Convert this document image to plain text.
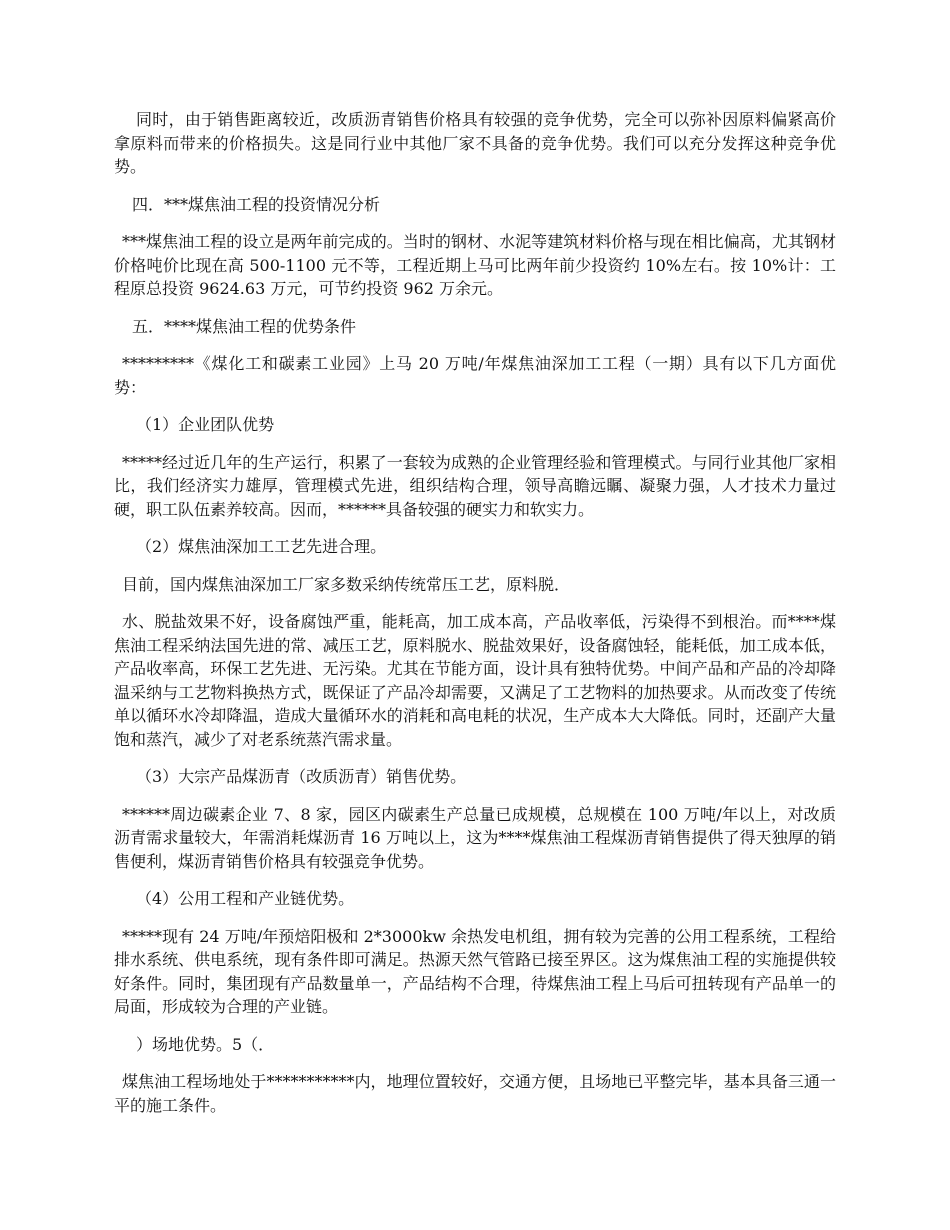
同时，由于销售距离较近，改质沥青销售价格具有较强的竞争优势，完全可以弥补因原料偏紧高价拿原料而带来的价格损失。这是同行业中其他厂家不具备的竞争优势。我们可以充分发挥这种竞争优势。

四．***煤焦油工程的投资情况分析

***煤焦油工程的设立是两年前完成的。当时的钢材、水泥等建筑材料价格与现在相比偏高，尤其钢材价格吨价比现在高 500-1100 元不等，工程近期上马可比两年前少投资约 10%左右。按 10%计：工程原总投资 9624.63 万元，可节约投资 962 万余元。

五．****煤焦油工程的优势条件

*********《煤化工和碳素工业园》上马 20 万吨/年煤焦油深加工工程（一期）具有以下几方面优势：

（1）企业团队优势

*****经过近几年的生产运行，积累了一套较为成熟的企业管理经验和管理模式。与同行业其他厂家相比，我们经济实力雄厚，管理模式先进，组织结构合理，领导高瞻远瞩、凝聚力强，人才技术力量过硬，职工队伍素养较高。因而，******具备较强的硬实力和软实力。

（2）煤焦油深加工工艺先进合理。

目前，国内煤焦油深加工厂家多数采纳传统常压工艺，原料脱．

水、脱盐效果不好，设备腐蚀严重，能耗高，加工成本高，产品收率低，污染得不到根治。而****煤焦油工程采纳法国先进的常、减压工艺，原料脱水、脱盐效果好，设备腐蚀轻，能耗低，加工成本低，产品收率高，环保工艺先进、无污染。尤其在节能方面，设计具有独特优势。中间产品和产品的冷却降温采纳与工艺物料换热方式，既保证了产品冷却需要，又满足了工艺物料的加热要求。从而改变了传统单以循环水冷却降温，造成大量循环水的消耗和高电耗的状况，生产成本大大降低。同时，还副产大量饱和蒸汽，减少了对老系统蒸汽需求量。

（3）大宗产品煤沥青（改质沥青）销售优势。

******周边碳素企业 7、8 家，园区内碳素生产总量已成规模，总规模在 100 万吨/年以上，对改质沥青需求量较大，年需消耗煤沥青 16 万吨以上，这为****煤焦油工程煤沥青销售提供了得天独厚的销售便利，煤沥青销售价格具有较强竞争优势。

（4）公用工程和产业链优势。

*****现有 24 万吨/年预焙阳极和 2*3000kw 余热发电机组，拥有较为完善的公用工程系统，工程给排水系统、供电系统，现有条件即可满足。热源天然气管路已接至界区。这为煤焦油工程的实施提供较好条件。同时，集团现有产品数量单一，产品结构不合理，待煤焦油工程上马后可扭转现有产品单一的局面，形成较为合理的产业链。

）场地优势。5（．

煤焦油工程场地处于***********内，地理位置较好，交通方便，且场地已平整完毕，基本具备三通一平的施工条件。
